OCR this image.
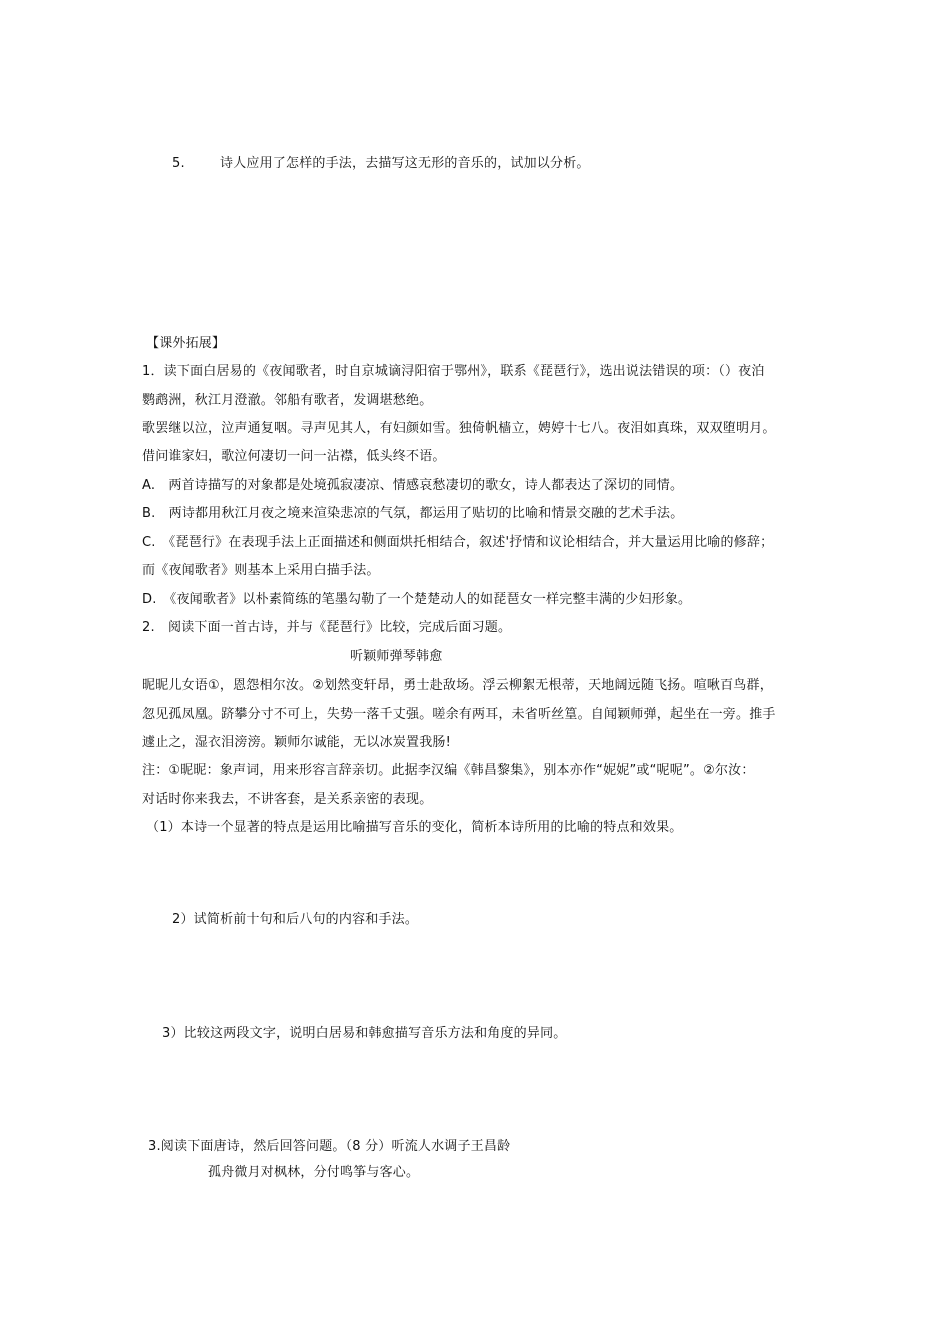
5.	诗人应用了怎样的手法，去描写这无形的音乐的，试加以分析。
【课外拓展】
1．读下面白居易的《夜闻歌者，时自京城谪浔阳宿于鄂州》，联系《琵琶行》，选出说法错误的项：（）夜泊
鹦鹉洲，秋江月澄澈。邻船有歌者，发调堪愁绝。
歌罢继以泣，泣声通复咽。寻声见其人，有妇颜如雪。独倚帆樯立，娉婷十七八。夜泪如真珠，双双堕明月。
借问谁家妇，歌泣何凄切一问一沾襟，低头终不语。
A.　两首诗描写的对象都是处境孤寂凄凉、情感哀愁凄切的歌女，诗人都表达了深切的同情。
B.　两诗都用秋江月夜之境来渲染悲凉的气氛，都运用了贴切的比喻和情景交融的艺术手法。
C.　《琵琶行》在表现手法上正面描述和侧面烘托相结合，叙述'抒情和议论相结合，并大量运用比喻的修辞；
而《夜闻歌者》则基本上采用白描手法。
D.　《夜闻歌者》以朴素简练的笔墨勾勒了一个楚楚动人的如琵琶女一样完整丰满的少妇形象。
2.　阅读下面一首古诗，并与《琵琶行》比较，完成后面习题。
听颖师弹琴韩愈
昵昵儿女语①，恩怨相尔汝。②划然变轩昂，勇士赴敌场。浮云柳絮无根蒂，天地阔远随飞扬。喧啾百鸟群，
忽见孤凤凰。跻攀分寸不可上，失势一落千丈强。嗟余有两耳，未省听丝篁。自闻颖师弹，起坐在一旁。推手
遽止之，湿衣泪滂滂。颖师尔诚能，无以冰炭置我肠!
注：①昵昵：象声词，用来形容言辞亲切。此据李汉编《韩昌黎集》，别本亦作“妮妮”或“呢呢”。②尔汝：
对话时你来我去，不讲客套，是关系亲密的表现。
（1）本诗一个显著的特点是运用比喻描写音乐的变化，简析本诗所用的比喻的特点和效果。
2）试简析前十句和后八句的内容和手法。
3）比较这两段文字，说明白居易和韩愈描写音乐方法和角度的异同。
3.阅读下面唐诗，然后回答问题。（8 分）听流人水调子王昌龄
孤舟微月对枫林，分付鸣筝与客心。
